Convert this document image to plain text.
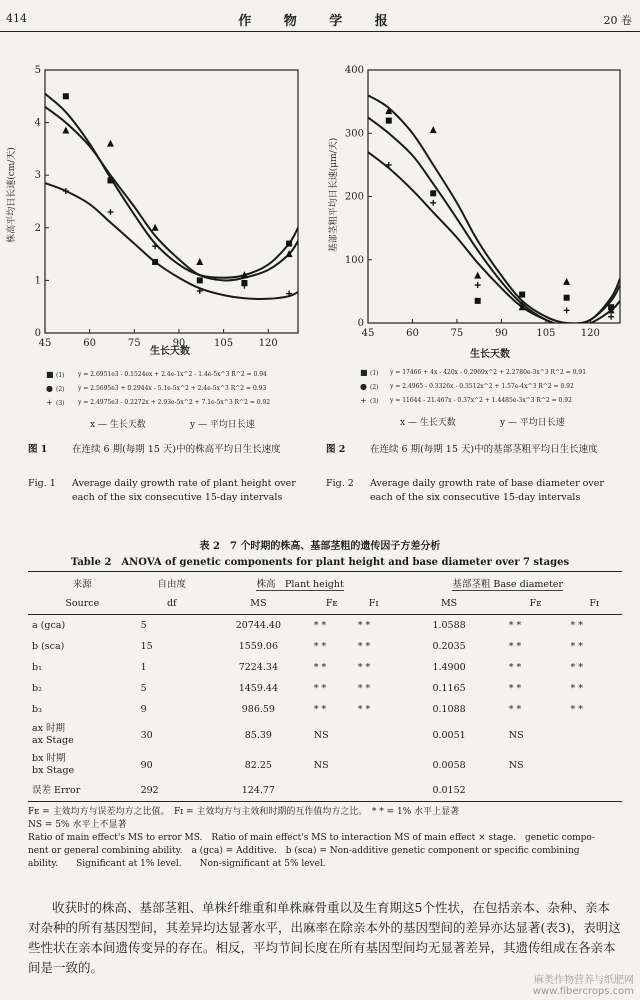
414	作 物 学 报	20 卷
株高平均日长速(cm/天)
45	60	75	90	105	120
0
1
2
3
4
5
生长天数
■ (1) y = 2.6951e3 - 0.1524ex + 2.4e-1x^2 - 1.4e-5x^3 R^2 = 0.94
● (2) y = 2.5695e3 + 0.2944x - 5.1e-5x^2 + 2.4e-5x^3 R^2 = 0.93
+ (3) y = 2.4975e3 - 0.2272x + 2.93e-5x^2 + 7.1e-5x^3 R^2 = 0.92
x — 生长天数	y — 平均日长速
基部茎粗平均日长速(μm/天)
45	60	75	90	105	120
0
100
200
300
400
生长天数
■ (1) y = 17466 + 4x - 420x - 0.2969x^2 + 2.2780e-3x^3 R^2 = 0.91
● (2) y = 2.4965 - 0.3326x - 0.3512x^2 + 1.57e-4x^3 R^2 = 0.92
+ (3) y = 11644 - 21.467x - 0.37x^2 + 1.4485e-3x^3 R^2 = 0.92
x — 生长天数	y — 平均日长速
图 1	在连续 6 期(每期 15 天)中的株高平均日生长速度
Fig. 1 Average daily growth rate of plant height over
each of the six consecutive 15-day intervals
图 2	在连续 6 期(每期 15 天)中的基部茎粗平均日生长速度
Fig. 2 Average daily growth rate of base diameter over
each of the six consecutive 15-day intervals
表 2　7 个时期的株高、基部茎粗的遗传因子方差分析
Table 2　ANOVA of genetic components for plant height and base diameter over 7 stages
来源	自由度	株高　Plant height			基部茎粗 Base diameter		
Source	df	MS	Fᴇ	Fɪ	MS	Fᴇ	Fɪ

a (gca)	5	20744.40	* *	* *	1.0588	* *	* *

b (sca)	15	1559.06	* *	* *	0.2035	* *	* *

b₁	1	7224.34	* *	* *	1.4900	* *	* *

b₂	5	1459.44	* *	* *	0.1165	* *	* *

b₃	9	986.59	* *	* *	0.1088	* *	* *

ax 时期
ax Stage	30	85.39	NS		0.0051	NS	

bx 时期
bx Stage	90	82.25	NS		0.0058	NS	

误差 Error	292	124.77			0.0152		
Fᴇ = 主效均方与误差均方之比值。　Fɪ = 主效均方与主效和时期的互作值均方之比。　* * = 1% 水平上显著
NS = 5% 水平上不显著
Ratio of main effect's MS to error MS.　Ratio of main effect's MS to interaction MS of main effect × stage.　genetic compo-
nent or general combining ability.　a (gca) = Additive.　b (sca) = Non-additive genetic component or specific combining
ability.　　Significant at 1% level.　　Non-significant at 5% level.
收获时的株高、基部茎粗、单株纤维重和单株麻骨重以及生育期这5个性状，在包括亲本、杂种、亲本对杂种的所有基因型间，其差异均达显著水平，出麻率在除亲本外的基因型间的差异亦达显著(表3)，表明这些性状在亲本间遗传变异的存在。相反，平均节间长度在所有基因型间均无显著差异，其遗传组成在各亲本间是一致的。
麻类作物营养与纸肥网
www.fibercrops.com
